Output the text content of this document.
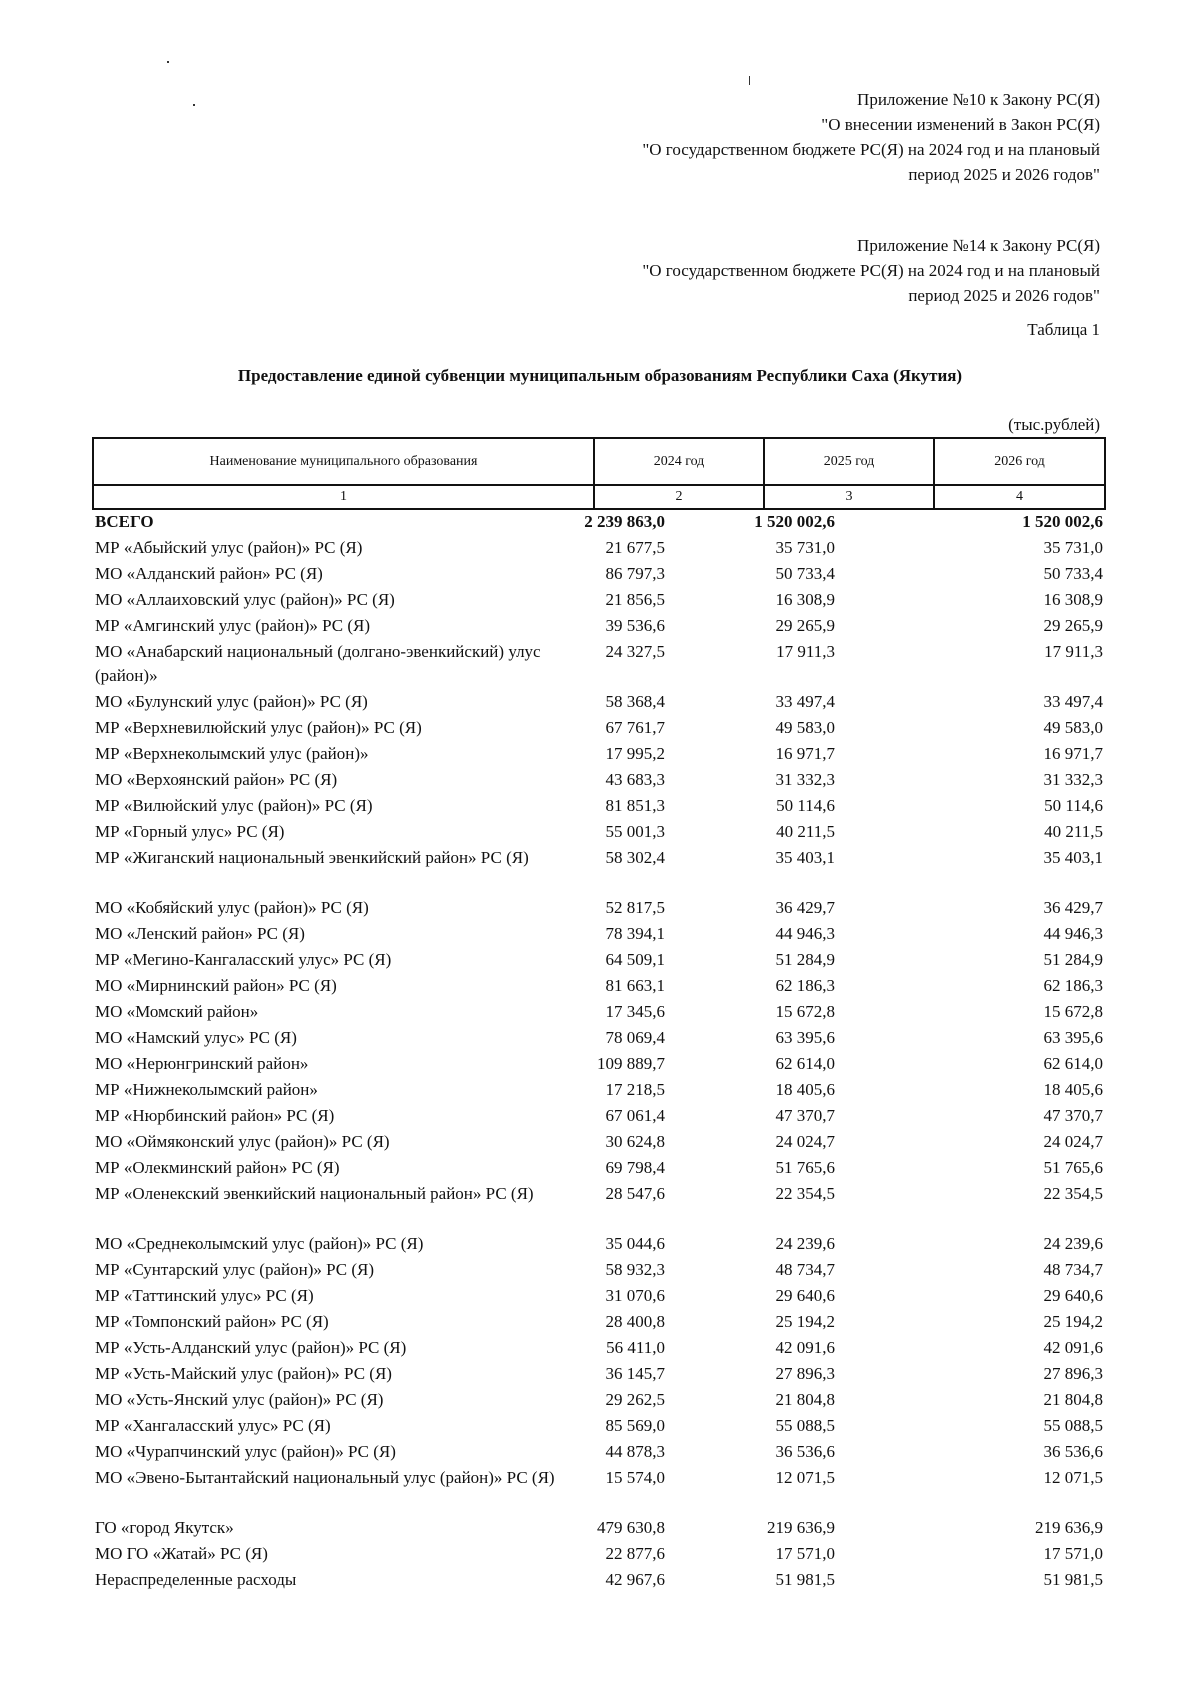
Приложение №10 к Закону РС(Я)
"О внесении изменений в Закон РС(Я)
"О государственном бюджете РС(Я) на 2024 год и на плановый
период 2025 и 2026 годов"
Приложение №14 к Закону РС(Я)
"О государственном бюджете РС(Я) на 2024 год и на плановый
период 2025 и 2026 годов"
Таблица 1
Предоставление единой субвенции муниципальным образованиям Республики Саха (Якутия)
(тыс.рублей)
Наименование муниципального образования	2024 год	2025 год	2026 год
1	2	3	4
ВСЕГО	2 239 863,0	1 520 002,6	1 520 002,6
МР «Абыйский улус (район)» РС (Я)	21 677,5	35 731,0	35 731,0
МО «Алданский район» РС (Я)	86 797,3	50 733,4	50 733,4
МО «Аллаиховский улус (район)» РС (Я)	21 856,5	16 308,9	16 308,9
МР «Амгинский улус (район)» РС (Я)	39 536,6	29 265,9	29 265,9
МО «Анабарский национальный (долгано-эвенкийский) улус (район)»
24 327,5	17 911,3	17 911,3
МО «Булунский улус (район)» РС (Я)	58 368,4	33 497,4	33 497,4
МР «Верхневилюйский улус (район)» РС (Я)	67 761,7	49 583,0	49 583,0
МР «Верхнеколымский улус (район)»	17 995,2	16 971,7	16 971,7
МО «Верхоянский район» РС (Я)	43 683,3	31 332,3	31 332,3
МР «Вилюйский улус (район)» РС (Я)	81 851,3	50 114,6	50 114,6
МР «Горный улус» РС (Я)	55 001,3	40 211,5	40 211,5
МР «Жиганский национальный эвенкийский район» РС (Я)	58 302,4	35 403,1	35 403,1
МО «Кобяйский улус (район)» РС (Я)	52 817,5	36 429,7	36 429,7
МО «Ленский район» РС (Я)	78 394,1	44 946,3	44 946,3
МР «Мегино-Кангаласский улус» РС (Я)	64 509,1	51 284,9	51 284,9
МО «Мирнинский район» РС (Я)	81 663,1	62 186,3	62 186,3
МО «Момский район»	17 345,6	15 672,8	15 672,8
МО «Намский улус» РС (Я)	78 069,4	63 395,6	63 395,6
МО «Нерюнгринский район»	109 889,7	62 614,0	62 614,0
МР «Нижнеколымский район»	17 218,5	18 405,6	18 405,6
МР «Нюрбинский район» РС (Я)	67 061,4	47 370,7	47 370,7
МО «Оймяконский улус (район)» РС (Я)	30 624,8	24 024,7	24 024,7
МР «Олекминский район» РС (Я)	69 798,4	51 765,6	51 765,6
МР «Оленекский эвенкийский национальный район» РС (Я)	28 547,6	22 354,5	22 354,5
МО «Среднеколымский улус (район)» РС (Я)	35 044,6	24 239,6	24 239,6
МР «Сунтарский улус (район)» РС (Я)	58 932,3	48 734,7	48 734,7
МР «Таттинский улус» РС (Я)	31 070,6	29 640,6	29 640,6
МР «Томпонский район» РС (Я)	28 400,8	25 194,2	25 194,2
МР «Усть-Алданский улус (район)» РС (Я)	56 411,0	42 091,6	42 091,6
МР «Усть-Майский улус (район)» РС (Я)	36 145,7	27 896,3	27 896,3
МО «Усть-Янский улус (район)» РС (Я)	29 262,5	21 804,8	21 804,8
МР «Хангаласский улус» РС (Я)	85 569,0	55 088,5	55 088,5
МО «Чурапчинский улус (район)» РС (Я)	44 878,3	36 536,6	36 536,6
МО «Эвено-Бытантайский национальный улус (район)» РС (Я)	15 574,0	12 071,5	12 071,5
ГО «город Якутск»	479 630,8	219 636,9	219 636,9
МО ГО «Жатай» РС (Я)	22 877,6	17 571,0	17 571,0
Нераспределенные расходы	42 967,6	51 981,5	51 981,5
